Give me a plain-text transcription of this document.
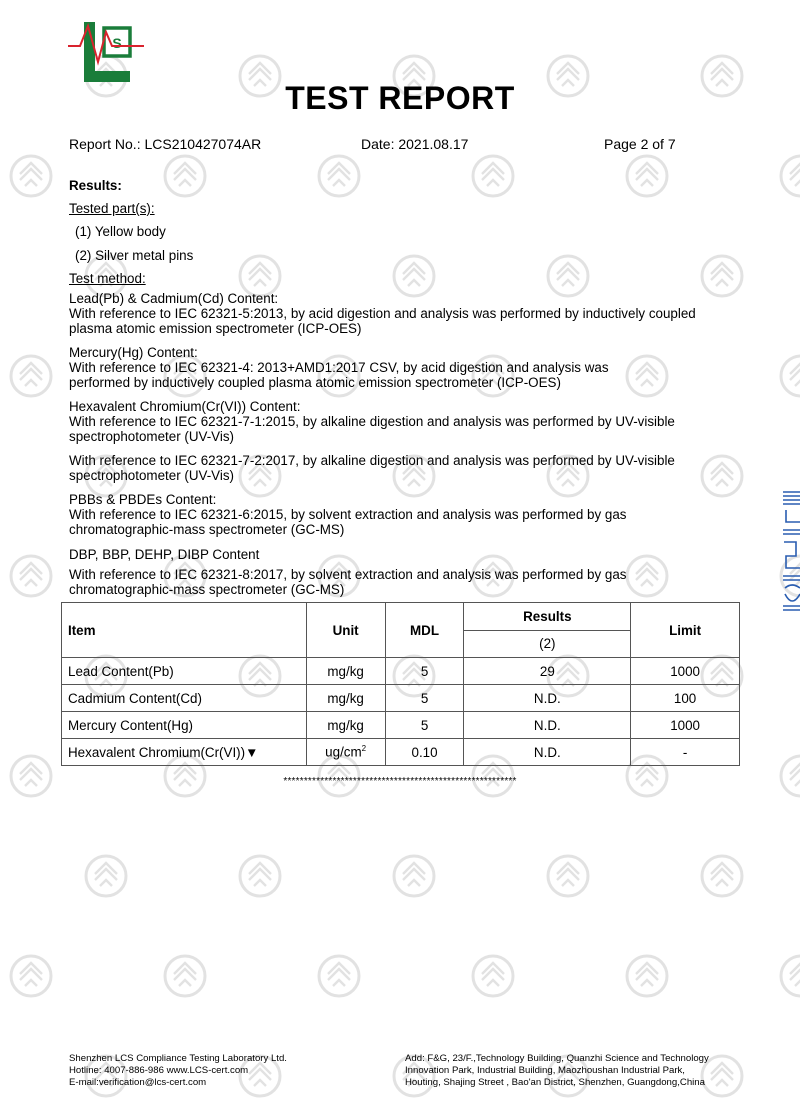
S
TEST REPORT
Report No.: LCS210427074AR	Date: 2021.08.17	Page 2 of 7
Results:
Tested part(s):
(1) Yellow body
(2) Silver metal pins
Test method:
Lead(Pb) & Cadmium(Cd) Content:
With reference to IEC 62321-5:2013, by acid digestion and analysis was performed by inductively coupled
plasma atomic emission spectrometer (ICP-OES)
Mercury(Hg) Content:
With reference to IEC 62321-4: 2013+AMD1:2017 CSV, by acid digestion and analysis was
performed by inductively coupled plasma atomic emission spectrometer (ICP-OES)
Hexavalent Chromium(Cr(VI)) Content:
With reference to IEC 62321-7-1:2015, by alkaline digestion and analysis was performed by UV-visible
spectrophotometer (UV-Vis)
With reference to IEC 62321-7-2:2017, by alkaline digestion and analysis was performed by UV-visible
spectrophotometer (UV-Vis)
PBBs & PBDEs Content:
With reference to IEC 62321-6:2015, by solvent extraction and analysis was performed by gas
chromatographic-mass spectrometer (GC-MS)
DBP, BBP, DEHP, DIBP Content
With reference to IEC 62321-8:2017, by solvent extraction and analysis was performed by gas
chromatographic-mass spectrometer (GC-MS)
Item	Unit	MDL	Results	Limit
			(2)	
Lead Content(Pb)	mg/kg	5	29	1000
Cadmium Content(Cd)	mg/kg	5	N.D.	100
Mercury Content(Hg)	mg/kg	5	N.D.	1000
Hexavalent Chromium(Cr(VI))▼	$ug/cm^2$	0.10	N.D.	-
*********************************************************
Shenzhen LCS Compliance Testing Laboratory Ltd.
Hotline: 4007-886-986 www.LCS-cert.com
E-mail:verification@lcs-cert.com
Add: F&G, 23/F.,Technology Building, Quanzhi Science and Technology
Innovation Park, Industrial Building, Maozhoushan Industrial Park,
Houting, Shajing Street , Bao'an District, Shenzhen, Guangdong,China
